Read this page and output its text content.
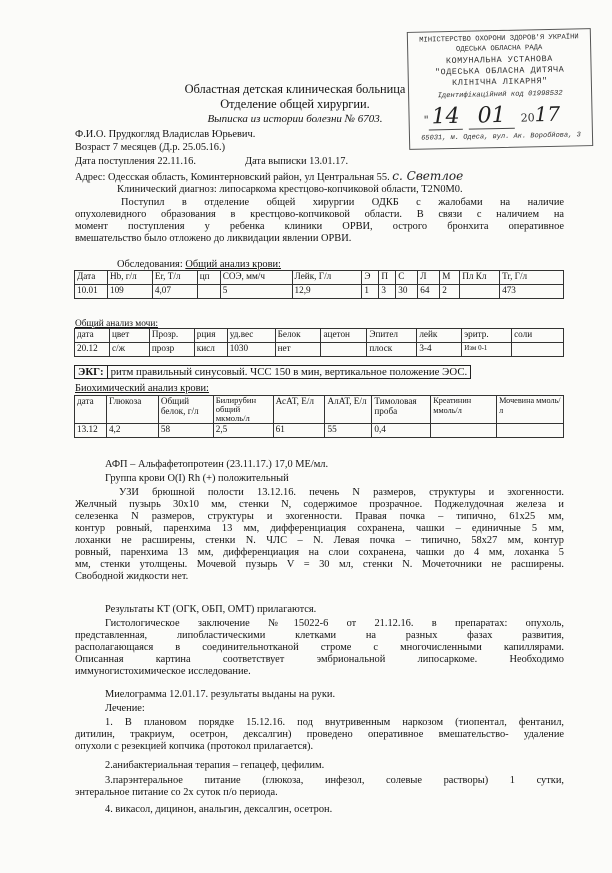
МІНІСТЕРСТВО ОХОРОНИ ЗДОРОВ'Я УКРАЇНИ
ОДЕСЬКА ОБЛАСНА РАДА
КОМУНАЛЬНА УСТАНОВА
"ОДЕСЬКА ОБЛАСНА ДИТЯЧА
КЛІНІЧНА ЛІКАРНЯ"
Ідентифікаційний код 01998532
" 14 01 2017
65031, м. Одеса, вул. Ак. Воробйова, 3
Областная детская клиническая больница
Отделение общей хирургии.
Выписка из истории болезни № 6703.
Ф.И.О. Прудкогляд Владислав Юрьевич.
Возраст 7 месяцев (Д.р. 25.05.16.)
Дата поступления 22.11.16.	Дата выписки 13.01.17.
Адрес: Одесская область, Коминтерновский район, ул Центральная 55. с. Светлое
Клинический диагноз: липосаркома крестцово-копчиковой области, T2N0M0.
Поступил в отделение общей хирургии ОДКБ с жалобами на наличие
опухолевидного образования в крестцово-копчиковой области. В связи с наличием на
момент поступления у ребенка клиники ОРВИ, острого бронхита оперативное
вмешательство было отложено до ликвидации явлении ОРВИ.
Обследования: Общий анализ крови:
Дата	Hb, г/л	Er, Т/л	цп	СОЭ, мм/ч	Лейк, Г/л	Э	П	С	Л	М	Пл Кл	Tr, Г/л
10.01	109	4,07		5	12,9	1	3	30	64	2		473
Общий анализ мочи:
дата	цвет	Прозр.	рция	уд.вес	Белок	ацетон	Эпител	лейк	эритр.	соли
20.12	с/ж	прозр	кисл	1030	нет		плоск	3-4	Изм 0-1	
ЭКГ: ритм правильный синусовый. ЧСС 150 в мин, вертикальное положение ЭОС.
Биохимический анализ крови:
дата	Глюкоза	Общий белок, г/л	Билирубин общий мкмоль/л	АсАТ, Е/л	АлАТ, Е/л	Тимоловая проба	Креатинин ммоль/л	Мочевина ммоль/л
13.12	4,2	58	2,5	61	55	0,4		
АФП – Альфафетопротеин (23.11.17.) 17,0 МЕ/мл.
Группа крови O(I) Rh (+) положительный
УЗИ брюшной полости 13.12.16. печень N размеров, структуры и эхогенности.
Желчный пузырь 30х10 мм, стенки N, содержимое прозрачное. Поджелудочная железа и
селезенка N размеров, структуры и эхогенности. Правая почка – типично, 61х25 мм,
контур ровный, паренхима 13 мм, дифференциация сохранена, чашки – единичные 5 мм,
лоханки не расширены, стенки N. ЧЛС – N. Левая почка – типично, 58х27 мм, контур
ровный, паренхима 13 мм, дифференциация на слои сохранена, чашки до 4 мм, лоханка 5
мм, стенки утолщены. Мочевой пузырь V = 30 мл, стенки N. Мочеточники не расширены.
Свободной жидкости нет.
Результаты КТ (ОГК, ОБП, ОМТ) прилагаются.
Гистологическое заключение №15022-6 от 21.12.16. в препаратах: опухоль,
представленная, липобластическими клетками на разных фазах развития,
располагающаяся в соединительнотканой строме с многочисленными капиллярами.
Описанная картина соответствует эмбриональной липосаркоме. Необходимо
иммуногистохимическое исследование.
Миелограмма 12.01.17. результаты выданы на руки.
Лечение:
1. В плановом порядке 15.12.16. под внутривенным наркозом (тиопентал, фентанил,
дитилин, тракриум, осетрон, дексалгин) проведено оперативное вмешательство- удаление
опухоли с резекцией копчика (протокол прилагается).
2.анибактериальная терапия – гепацеф, цефилим.
3.парэнтеральное питание (глюкоза, инфезол, солевые растворы) 1 сутки,
энтеральное питание со 2х суток п/о периода.
4. викасол, дицинон, анальгин, дексалгин, осетрон.
